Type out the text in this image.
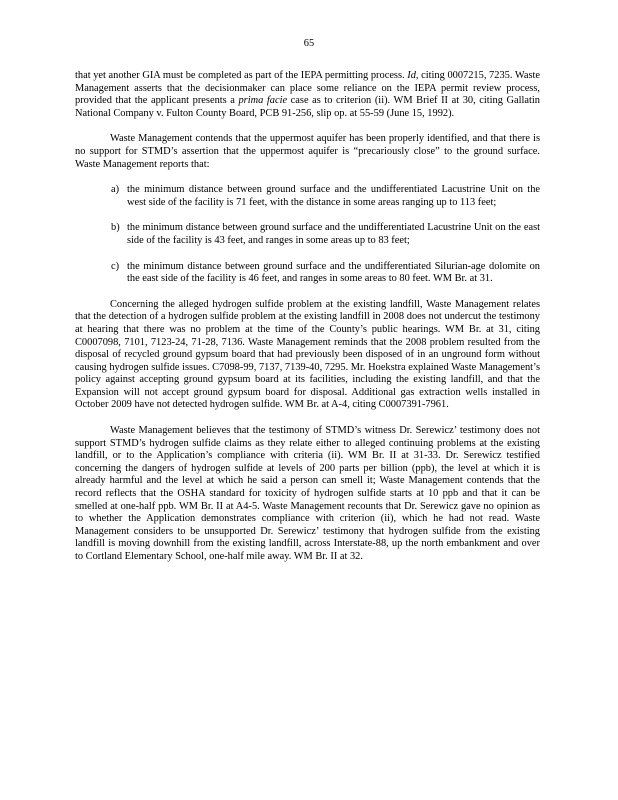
65

that yet another GIA must be completed as part of the IEPA permitting process. Id, citing 0007215, 7235. Waste Management asserts that the decisionmaker can place some reliance on the IEPA permit review process, provided that the applicant presents a prima facie case as to criterion (ii). WM Brief II at 30, citing Gallatin National Company v. Fulton County Board, PCB 91-256, slip op. at 55-59 (June 15, 1992).

Waste Management contends that the uppermost aquifer has been properly identified, and that there is no support for STMD’s assertion that the uppermost aquifer is “precariously close” to the ground surface. Waste Management reports that:

a) the minimum distance between ground surface and the undifferentiated Lacustrine Unit on the west side of the facility is 71 feet, with the distance in some areas ranging up to 113 feet;
b) the minimum distance between ground surface and the undifferentiated Lacustrine Unit on the east side of the facility is 43 feet, and ranges in some areas up to 83 feet;
c) the minimum distance between ground surface and the undifferentiated Silurian-age dolomite on the east side of the facility is 46 feet, and ranges in some areas to 80 feet. WM Br. at 31.

Concerning the alleged hydrogen sulfide problem at the existing landfill, Waste Management relates that the detection of a hydrogen sulfide problem at the existing landfill in 2008 does not undercut the testimony at hearing that there was no problem at the time of the County’s public hearings. WM Br. at 31, citing C0007098, 7101, 7123-24, 71-28, 7136. Waste Management reminds that the 2008 problem resulted from the disposal of recycled ground gypsum board that had previously been disposed of in an unground form without causing hydrogen sulfide issues. C7098-99, 7137, 7139-40, 7295. Mr. Hoekstra explained Waste Management’s policy against accepting ground gypsum board at its facilities, including the existing landfill, and that the Expansion will not accept ground gypsum board for disposal. Additional gas extraction wells installed in October 2009 have not detected hydrogen sulfide. WM Br. at A-4, citing C0007391-7961.

Waste Management believes that the testimony of STMD’s witness Dr. Serewicz’ testimony does not support STMD’s hydrogen sulfide claims as they relate either to alleged continuing problems at the existing landfill, or to the Application’s compliance with criteria (ii). WM Br. II at 31-33. Dr. Serewicz testified concerning the dangers of hydrogen sulfide at levels of 200 parts per billion (ppb), the level at which it is already harmful and the level at which he said a person can smell it; Waste Management contends that the record reflects that the OSHA standard for toxicity of hydrogen sulfide starts at 10 ppb and that it can be smelled at one-half ppb. WM Br. II at A4-5. Waste Management recounts that Dr. Serewicz gave no opinion as to whether the Application demonstrates compliance with criterion (ii), which he had not read. Waste Management considers to be unsupported Dr. Serewicz’ testimony that hydrogen sulfide from the existing landfill is moving downhill from the existing landfill, across Interstate-88, up the north embankment and over to Cortland Elementary School, one-half mile away. WM Br. II at 32.
